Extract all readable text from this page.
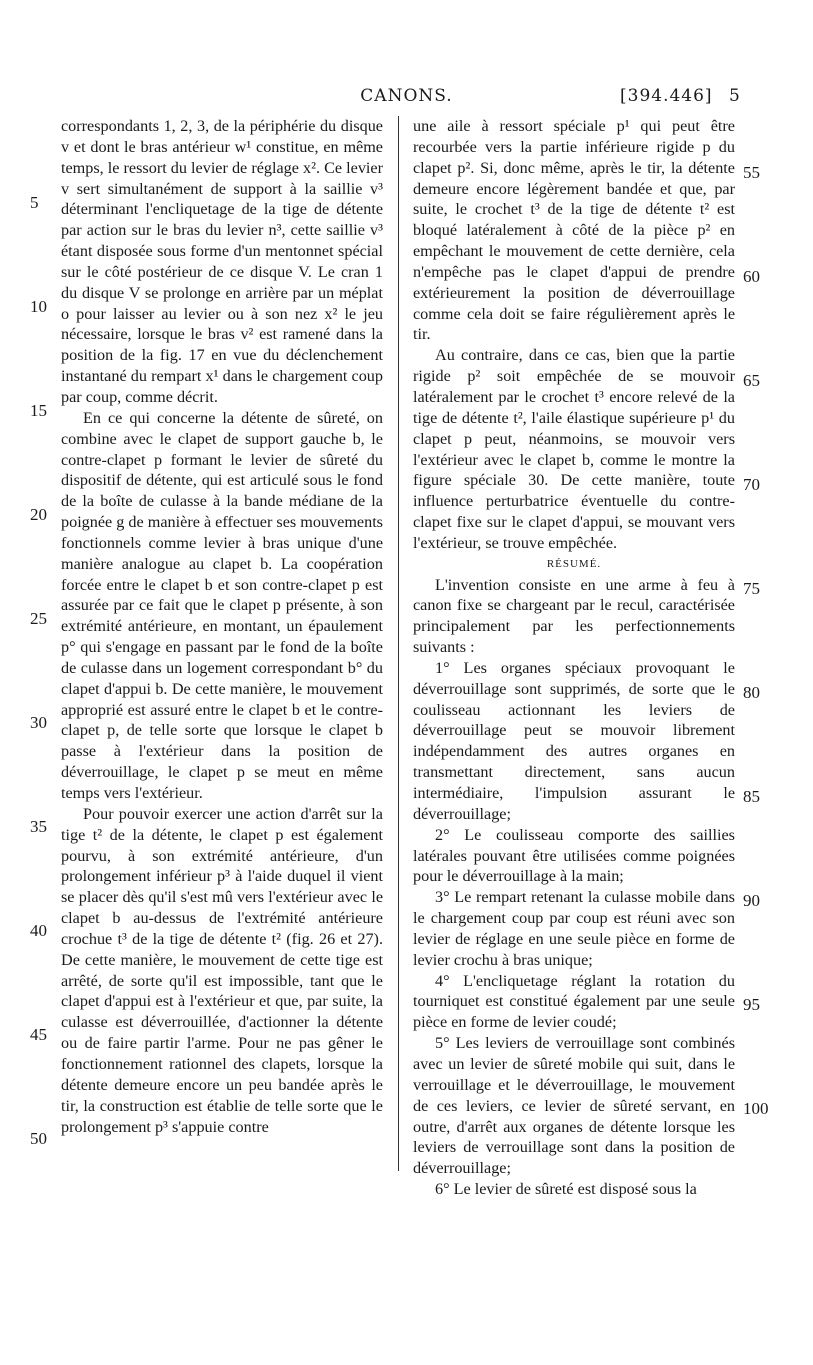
CANONS.	[394.446] 5

correspondants 1, 2, 3, de la périphérie du disque v et dont le bras antérieur w¹ constitue, en même temps, le ressort du levier de réglage x². Ce levier v sert simultanément de support à la saillie v³ déterminant l'encliquetage de la tige de détente par action sur le bras du levier n³, cette saillie v³ étant disposée sous forme d'un mentonnet spécial sur le côté postérieur de ce disque V. Le cran 1 du disque V se prolonge en arrière par un méplat o pour laisser au levier ou à son nez x² le jeu nécessaire, lorsque le bras v² est ramené dans la position de la fig. 17 en vue du déclenchement instantané du rempart x¹ dans le chargement coup par coup, comme décrit.

En ce qui concerne la détente de sûreté, on combine avec le clapet de support gauche b, le contre-clapet p formant le levier de sûreté du dispositif de détente, qui est articulé sous le fond de la boîte de culasse à la bande médiane de la poignée g de manière à effectuer ses mouvements fonctionnels comme levier à bras unique d'une manière analogue au clapet b. La coopération forcée entre le clapet b et son contre-clapet p est assurée par ce fait que le clapet p présente, à son extrémité antérieure, en montant, un épaulement p° qui s'engage en passant par le fond de la boîte de culasse dans un logement correspondant b° du clapet d'appui b. De cette manière, le mouvement approprié est assuré entre le clapet b et le contre-clapet p, de telle sorte que lorsque le clapet b passe à l'extérieur dans la position de déverrouillage, le clapet p se meut en même temps vers l'extérieur.

Pour pouvoir exercer une action d'arrêt sur la tige t² de la détente, le clapet p est également pourvu, à son extrémité antérieure, d'un prolongement inférieur p³ à l'aide duquel il vient se placer dès qu'il s'est mû vers l'extérieur avec le clapet b au-dessus de l'extrémité antérieure crochue t³ de la tige de détente t² (fig. 26 et 27). De cette manière, le mouvement de cette tige est arrêté, de sorte qu'il est impossible, tant que le clapet d'appui est à l'extérieur et que, par suite, la culasse est déverrouillée, d'actionner la détente ou de faire partir l'arme. Pour ne pas gêner le fonctionnement rationnel des clapets, lorsque la détente demeure encore un peu bandée après le tir, la construction est établie de telle sorte que le prolongement p³ s'appuie contre

une aile à ressort spéciale p¹ qui peut être recourbée vers la partie inférieure rigide p du clapet p². Si, donc même, après le tir, la détente demeure encore légèrement bandée et que, par suite, le crochet t³ de la tige de détente t² est bloqué latéralement à côté de la pièce p² en empêchant le mouvement de cette dernière, cela n'empêche pas le clapet d'appui de prendre extérieurement la position de déverrouillage comme cela doit se faire régulièrement après le tir.

Au contraire, dans ce cas, bien que la partie rigide p² soit empêchée de se mouvoir latéralement par le crochet t³ encore relevé de la tige de détente t², l'aile élastique supérieure p¹ du clapet p peut, néanmoins, se mouvoir vers l'extérieur avec le clapet b, comme le montre la figure spéciale 30. De cette manière, toute influence perturbatrice éventuelle du contre-clapet fixe sur le clapet d'appui, se mouvant vers l'extérieur, se trouve empêchée.

RÉSUMÉ.

L'invention consiste en une arme à feu à canon fixe se chargeant par le recul, caractérisée principalement par les perfectionnements suivants :

1° Les organes spéciaux provoquant le déverrouillage sont supprimés, de sorte que le coulisseau actionnant les leviers de déverrouillage peut se mouvoir librement indépendamment des autres organes en transmettant directement, sans aucun intermédiaire, l'impulsion assurant le déverrouillage;

2° Le coulisseau comporte des saillies latérales pouvant être utilisées comme poignées pour le déverrouillage à la main;

3° Le rempart retenant la culasse mobile dans le chargement coup par coup est réuni avec son levier de réglage en une seule pièce en forme de levier crochu à bras unique;

4° L'encliquetage réglant la rotation du tourniquet est constitué également par une seule pièce en forme de levier coudé;

5° Les leviers de verrouillage sont combinés avec un levier de sûreté mobile qui suit, dans le verrouillage et le déverrouillage, le mouvement de ces leviers, ce levier de sûreté servant, en outre, d'arrêt aux organes de détente lorsque les leviers de verrouillage sont dans la position de déverrouillage;

6° Le levier de sûreté est disposé sous la

5
10
15
20
25
30
35
40
45
50
55
60
65
70
75
80
85
90
95
100
